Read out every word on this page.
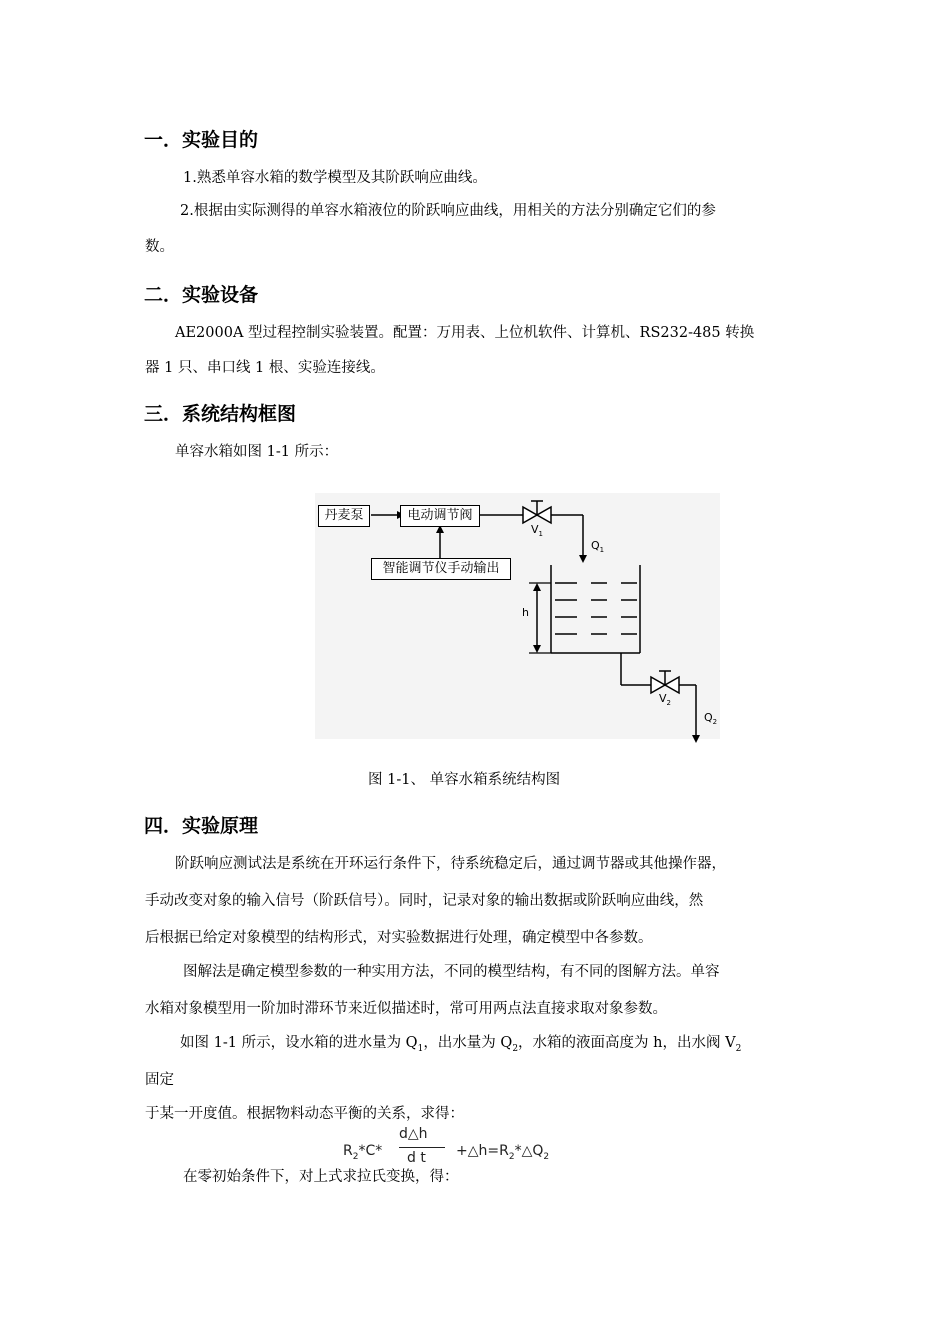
一．实验目的
1.熟悉单容水箱的数学模型及其阶跃响应曲线。
2.根据由实际测得的单容水箱液位的阶跃响应曲线，用相关的方法分别确定它们的参
数。
二．实验设备
AE2000A 型过程控制实验装置。配置：万用表、上位机软件、计算机、RS232-485 转换
器 1 只、串口线 1 根、实验连接线。
三．系统结构框图
单容水箱如图 1-1 所示：
丹麦泵	电动调节阀
智能调节仪手动输出
$V_1$
$Q_1$
h
$V_2$
$Q_2$
图 1-1、 单容水箱系统结构图
四．实验原理
阶跃响应测试法是系统在开环运行条件下，待系统稳定后，通过调节器或其他操作器，
手动改变对象的输入信号（阶跃信号）。同时，记录对象的输出数据或阶跃响应曲线，然
后根据已给定对象模型的结构形式，对实验数据进行处理，确定模型中各参数。
图解法是确定模型参数的一种实用方法，不同的模型结构，有不同的图解方法。单容
水箱对象模型用一阶加时滞环节来近似描述时，常可用两点法直接求取对象参数。
如图 1-1 所示，设水箱的进水量为 $Q_1$，出水量为 $Q_2$，水箱的液面高度为 h，出水阀 $V_2$
固定
于某一开度值。根据物料动态平衡的关系，求得：
$R_2*C*$
d△h
d $t +\triangle h=R_2*\triangle Q_2$
在零初始条件下，对上式求拉氏变换，得：
